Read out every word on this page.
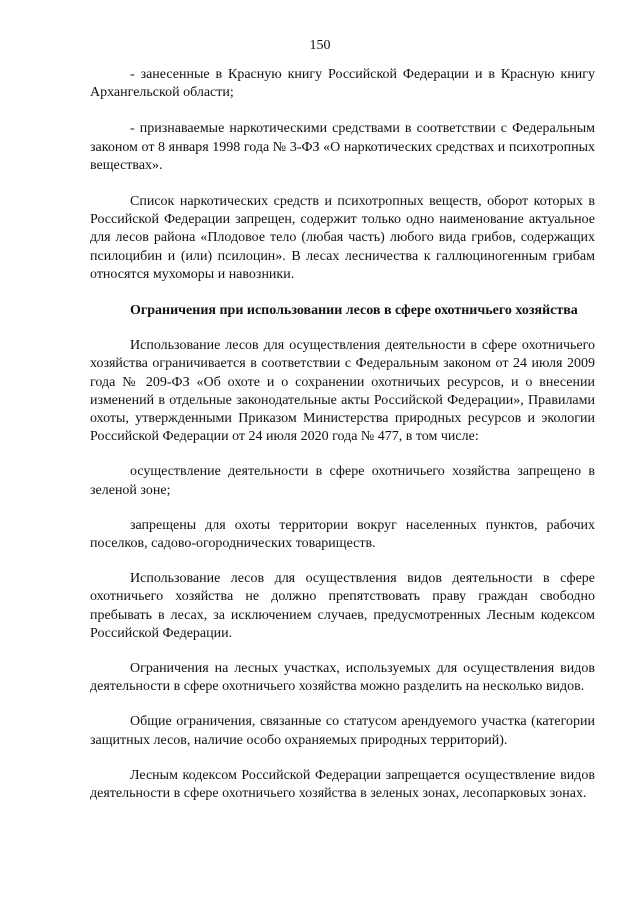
150

- занесенные в Красную книгу Российской Федерации и в Красную книгу Архангельской области;

- признаваемые наркотическими средствами в соответствии с Федеральным законом от 8 января 1998 года № 3-ФЗ «О наркотических средствах и психотропных веществах».

Список наркотических средств и психотропных веществ, оборот которых в Российской Федерации запрещен, содержит только одно наименование актуальное для лесов района «Плодовое тело (любая часть) любого вида грибов, содержащих псилоцибин и (или) псилоцин». В лесах лесничества к галлюциногенным грибам относятся мухоморы и навозники.

Ограничения при использовании лесов в сфере охотничьего хозяйства

Использование лесов для осуществления деятельности в сфере охотничьего хозяйства ограничивается в соответствии с Федеральным законом от 24 июля 2009 года № 209-ФЗ «Об охоте и о сохранении охотничьих ресурсов, и о внесении изменений в отдельные законодательные акты Российской Федерации», Правилами охоты, утвержденными Приказом Министерства природных ресурсов и экологии Российской Федерации от 24 июля 2020 года № 477, в том числе:

осуществление деятельности в сфере охотничьего хозяйства запрещено в зеленой зоне;

запрещены для охоты территории вокруг населенных пунктов, рабочих поселков, садово-огороднических товариществ.

Использование лесов для осуществления видов деятельности в сфере охотничьего хозяйства не должно препятствовать праву граждан свободно пребывать в лесах, за исключением случаев, предусмотренных Лесным кодексом Российской Федерации.

Ограничения на лесных участках, используемых для осуществления видов деятельности в сфере охотничьего хозяйства можно разделить на несколько видов.

Общие ограничения, связанные со статусом арендуемого участка (категории защитных лесов, наличие особо охраняемых природных территорий).

Лесным кодексом Российской Федерации запрещается осуществление видов деятельности в сфере охотничьего хозяйства в зеленых зонах, лесопарковых зонах.
